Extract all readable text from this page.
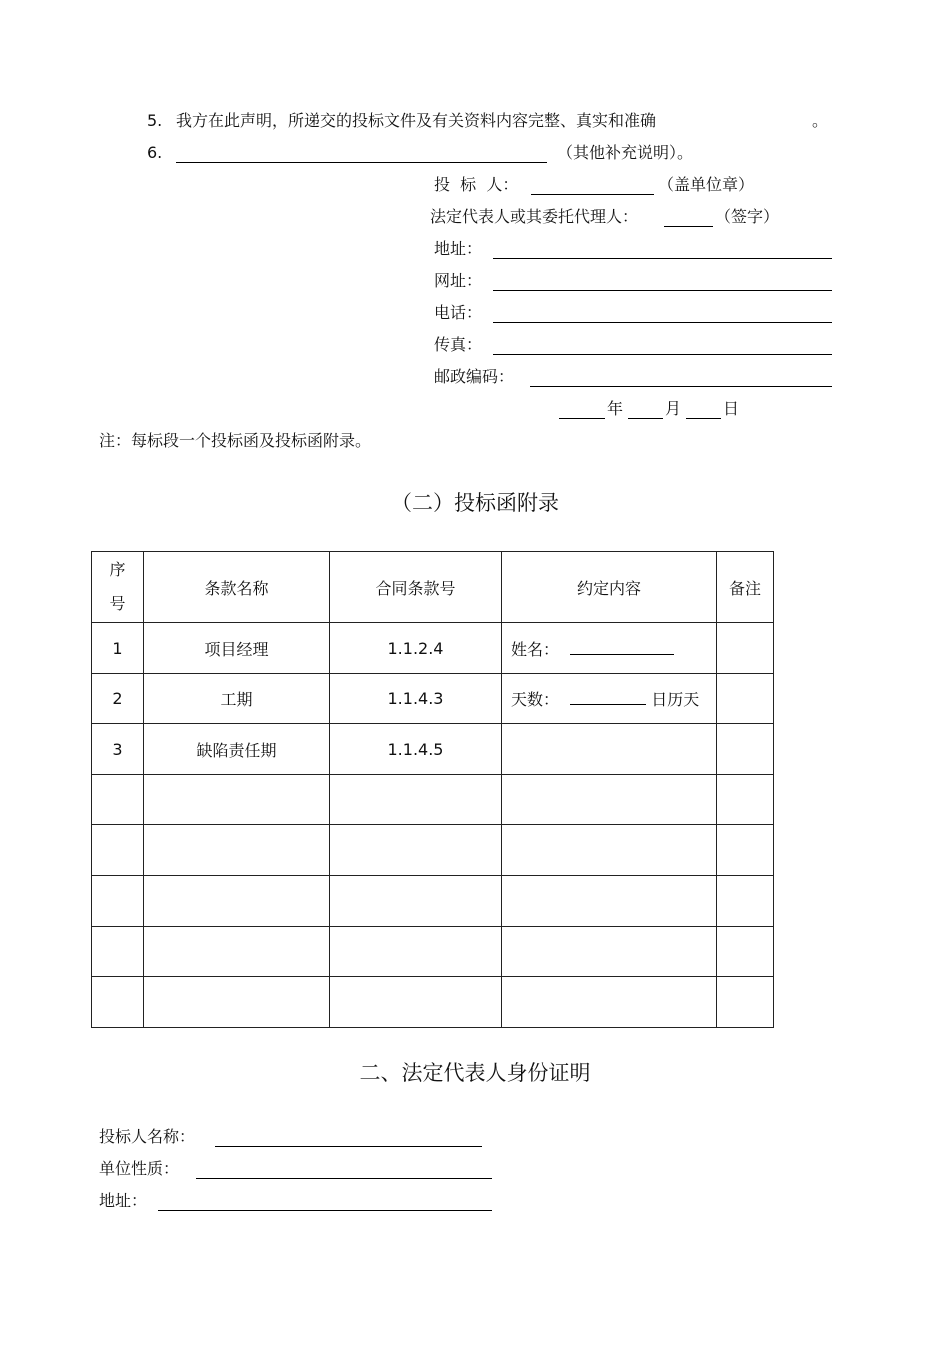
5. 我方在此声明，所递交的投标文件及有关资料内容完整、真实和准确	。
6.	（其他补充说明）。
投  标  人：	（盖单位章）
法定代表人或其委托代理人：	（签字）
地址：
网址：
电话：
传真：
邮政编码：
年	月	日
注：每标段一个投标函及投标函附录。
（二）投标函附录
序号	条款名称	合同条款号	约定内容	备注
1	项目经理	1.1.2.4	姓名：	
2	工期	1.1.4.3	天数： 日历天	
3	缺陷责任期	1.1.4.5		

二、法定代表人身份证明
投标人名称：
单位性质：
地址：
